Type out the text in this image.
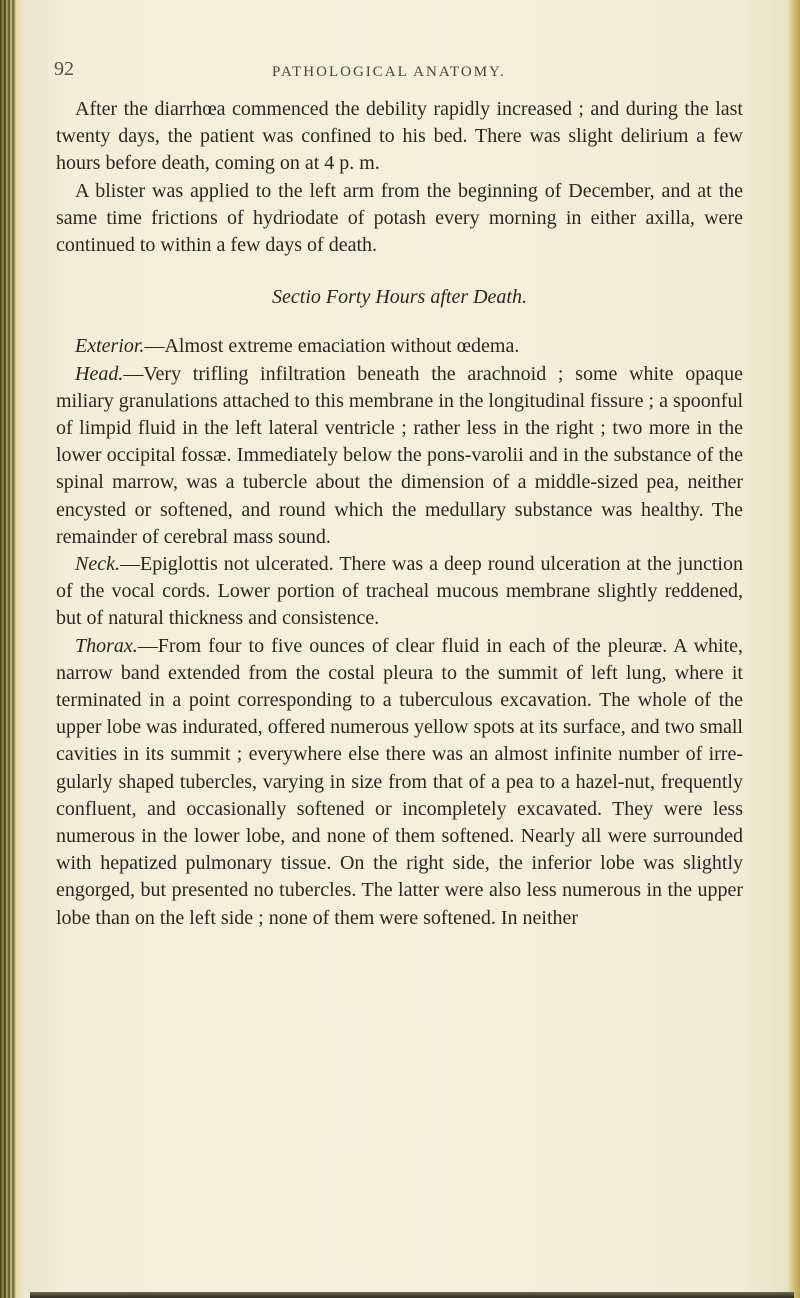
92	PATHOLOGICAL ANATOMY.

After the diarrhœa commenced the debility rapidly increased ; and during the last twenty days, the patient was confined to his bed. There was slight delirium a few hours before death, coming on at 4 p. m.

A blister was applied to the left arm from the beginning of December, and at the same time frictions of hydriodate of potash every morning in either axilla, were continued to within a few days of death.

Sectio Forty Hours after Death.

Exterior.—Almost extreme emaciation without œdema.

Head.—Very trifling infiltration beneath the arachnoid ; some white opaque miliary granulations attached to this membrane in the longitudinal fissure ; a spoonful of limpid fluid in the left lateral ventricle ; rather less in the right ; two more in the lower occipital fossæ. Immediately below the pons-varolii and in the substance of the spinal marrow, was a tubercle about the dimension of a middle-sized pea, neither encysted or softened, and round which the medullary substance was healthy. The remainder of cerebral mass sound.

Neck.—Epiglottis not ulcerated. There was a deep round ulceration at the junction of the vocal cords. Lower portion of tracheal mucous membrane slightly reddened, but of natural thickness and consistence.

Thorax.—From four to five ounces of clear fluid in each of the pleuræ. A white, narrow band extended from the costal pleura to the summit of left lung, where it terminated in a point corresponding to a tuberculous excavation. The whole of the upper lobe was indurated, offered numerous yellow spots at its surface, and two small cavities in its summit ; everywhere else there was an almost infinite number of irregularly shaped tubercles, varying in size from that of a pea to a hazel-nut, frequently confluent, and occasionally softened or incompletely excavated. They were less numerous in the lower lobe, and none of them softened. Nearly all were surrounded with hepatized pulmonary tissue. On the right side, the inferior lobe was slightly engorged, but presented no tubercles. The latter were also less numerous in the upper lobe than on the left side ; none of them were softened. In neither
